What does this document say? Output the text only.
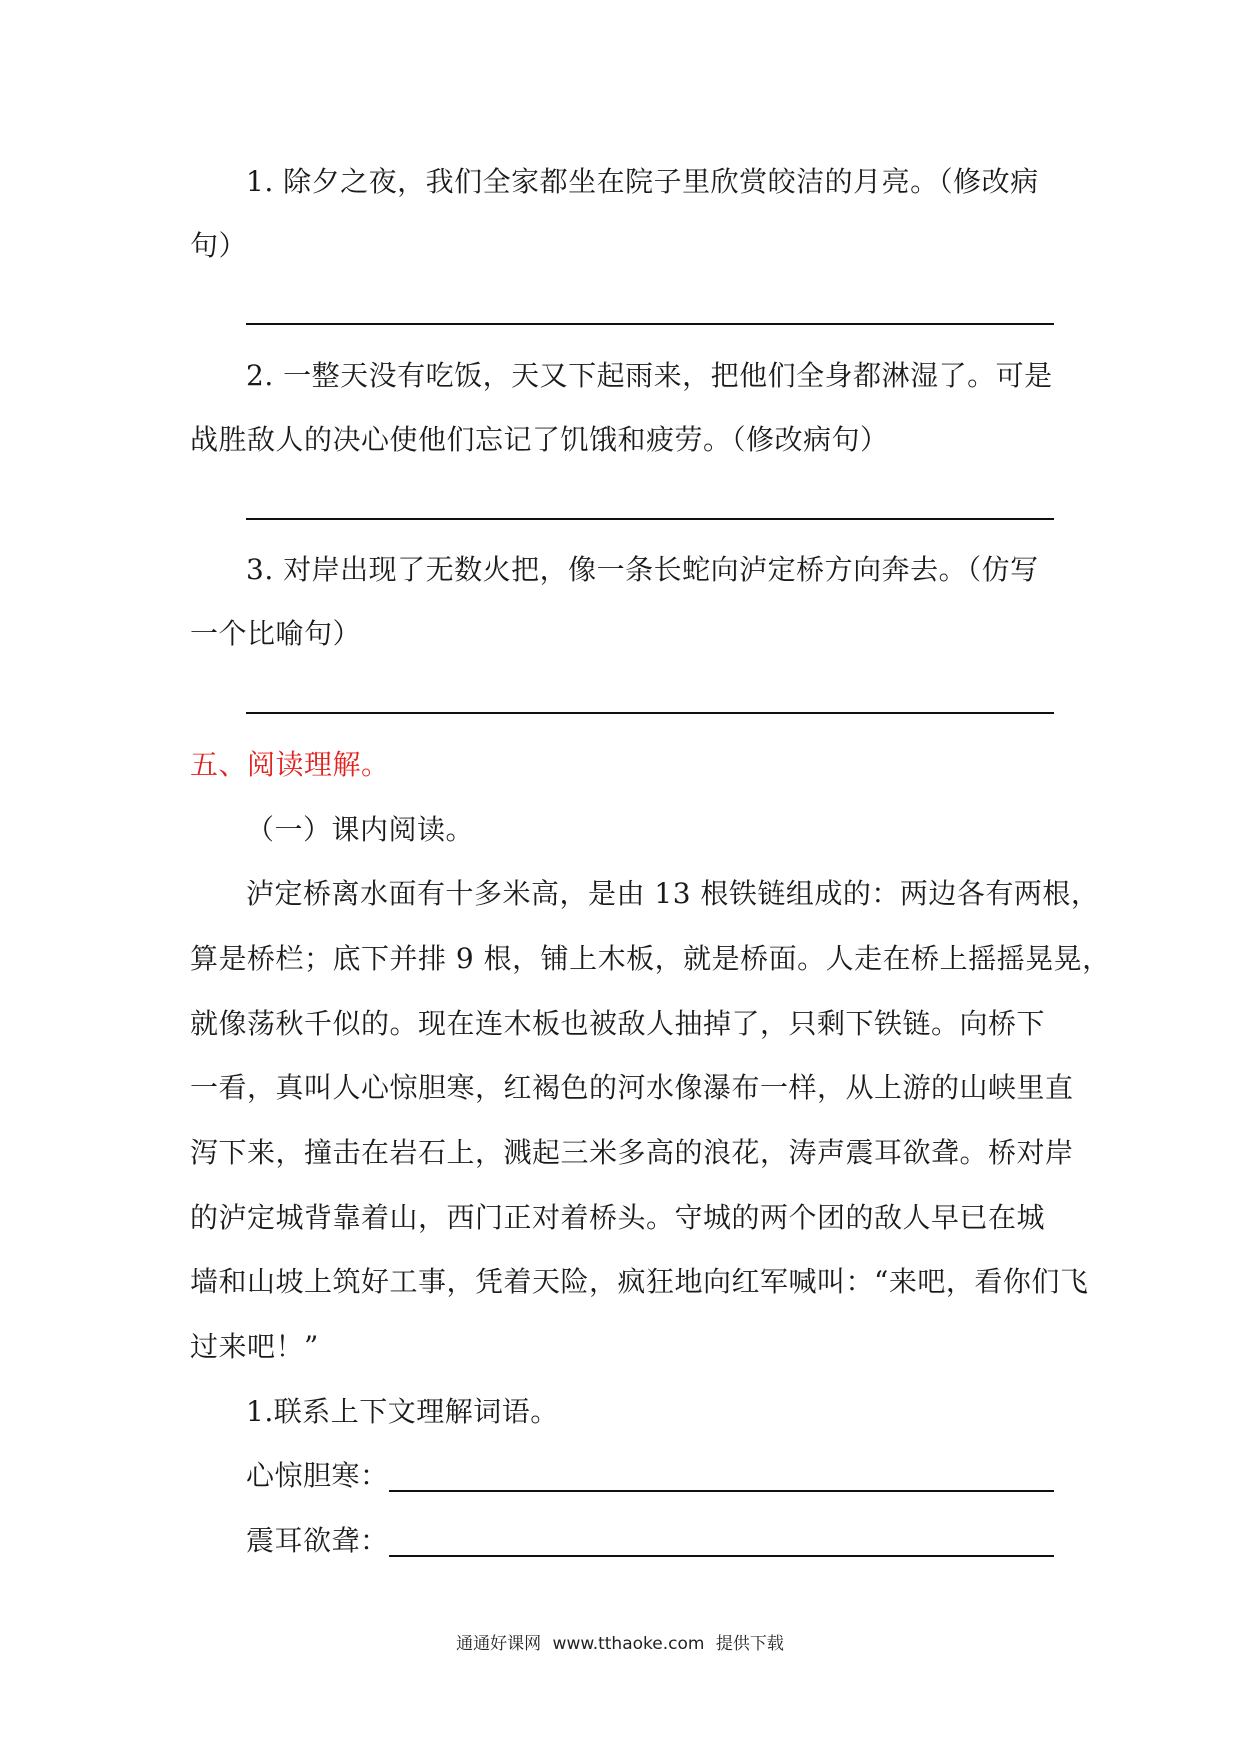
1. 除夕之夜，我们全家都坐在院子里欣赏皎洁的月亮。（修改病
句）
2. 一整天没有吃饭，天又下起雨来，把他们全身都淋湿了。可是
战胜敌人的决心使他们忘记了饥饿和疲劳。（修改病句）
3. 对岸出现了无数火把，像一条长蛇向泸定桥方向奔去。（仿写
一个比喻句）
五、阅读理解。
（一）课内阅读。
泸定桥离水面有十多米高，是由 13 根铁链组成的：两边各有两根，
算是桥栏；底下并排 9 根，铺上木板，就是桥面。人走在桥上摇摇晃晃，
就像荡秋千似的。现在连木板也被敌人抽掉了，只剩下铁链。向桥下
一看，真叫人心惊胆寒，红褐色的河水像瀑布一样，从上游的山峡里直
泻下来，撞击在岩石上，溅起三米多高的浪花，涛声震耳欲聋。桥对岸
的泸定城背靠着山，西门正对着桥头。守城的两个团的敌人早已在城
墙和山坡上筑好工事，凭着天险，疯狂地向红军喊叫：“来吧，看你们飞
过来吧！”
1.联系上下文理解词语。
心惊胆寒：
震耳欲聋：
通通好课网 www.tthaoke.com 提供下载
